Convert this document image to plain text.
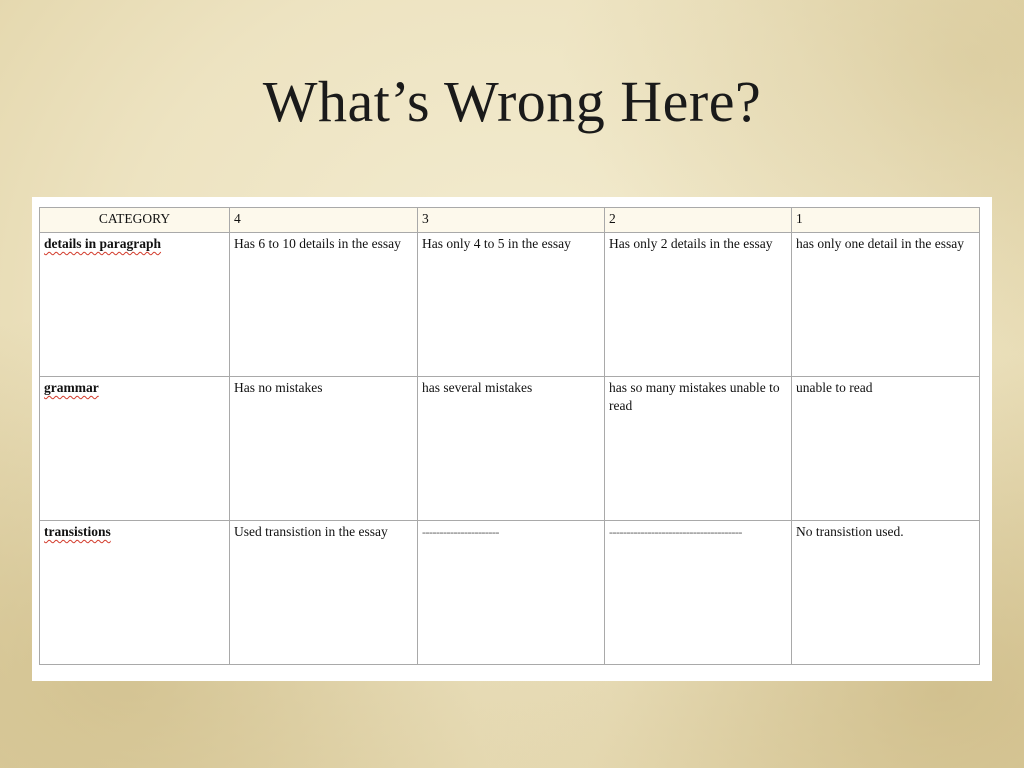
What’s Wrong Here?
CATEGORY	4	3	2	1
details in paragraph	Has 6 to 10 details in the essay	Has only 4 to 5 in the essay	Has only 2 details in the essay	has only one detail in the essay
grammar	Has no mistakes	has several mistakes	has so many mistakes unable to read	unable to read
transistions	Used transistion in the essay	----------------------	--------------------------------------	No transistion used.
